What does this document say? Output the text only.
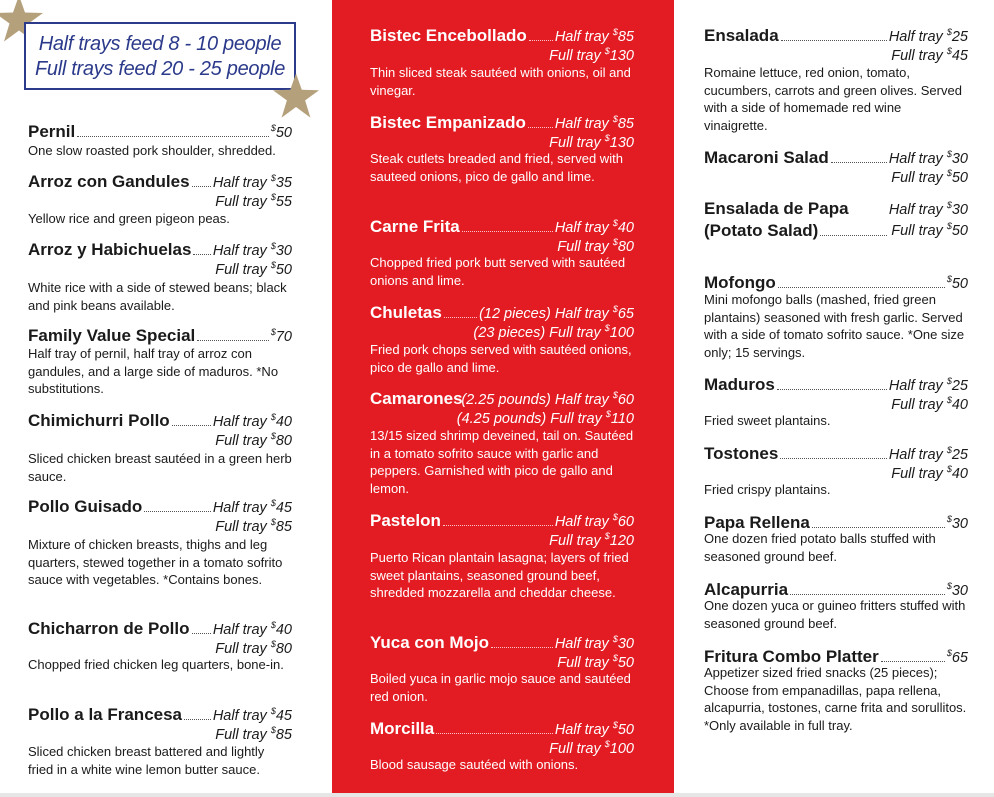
Half trays feed 8 - 10 people
Full trays feed 20 - 25 people
Pernil	$50
One slow roasted pork shoulder, shredded.
Arroz con Gandules Half tray $35
Full tray $55
Yellow rice and green pigeon peas.
Arroz y Habichuelas Half tray $30
Full tray $50
White rice with a side of stewed beans; black and pink beans available.
Family Value Special	$70
Half tray of pernil, half tray of arroz con gandules, and a large side of maduros. *No substitutions.
Chimichurri Pollo	Half tray $40
Full tray $80
Sliced chicken breast sautéed in a green herb sauce.
Pollo Guisado	Half tray $45
Full tray $85
Mixture of chicken breasts, thighs and leg quarters, stewed together in a tomato sofrito sauce with vegetables. *Contains bones.
Chicharron de Pollo Half tray $40
Full tray $80
Chopped fried chicken leg quarters, bone-in.
Pollo a la Francesa Half tray $45
Full tray $85
Sliced chicken breast battered and lightly fried in a white wine lemon butter sauce.
Bistec Encebollado Half tray $85
Full tray $130
Thin sliced steak sautéed with onions, oil and vinegar.
Bistec Empanizado Half tray $85
Full tray $130
Steak cutlets breaded and fried, served with sauteed onions, pico de gallo and lime.
Carne Frita	Half tray $40
Full tray $80
Chopped fried pork butt served with sautéed onions and lime.
Chuletas	(12 pieces) Half tray $65
(23 pieces) Full tray $100
Fried pork chops served with sautéed onions, pico de gallo and lime.
Camarones
(2.25 pounds) Half tray $60
(4.25 pounds) Full tray $110
13/15 sized shrimp deveined, tail on. Sautéed in a tomato sofrito sauce with garlic and peppers. Garnished with pico de gallo and lemon.
Pastelon	Half tray $60
Full tray $120
Puerto Rican plantain lasagna; layers of fried sweet plantains, seasoned ground beef, shredded mozzarella and cheddar cheese.
Yuca con Mojo	Half tray $30
Full tray $50
Boiled yuca in garlic mojo sauce and sautéed red onion.
Morcilla	Half tray $50
Full tray $100
Blood sausage sautéed with onions.
Ensalada	Half tray $25
Full tray $45
Romaine lettuce, red onion, tomato, cucumbers, carrots and green olives. Served with a side of homemade red wine vinaigrette.
Macaroni Salad	Half tray $30
Full tray $50
Ensalada de Papa
(Potato Salad)
Half tray $30
Full tray $50
Mofongo	$50
Mini mofongo balls (mashed, fried green plantains) seasoned with fresh garlic. Served with a side of tomato sofrito sauce. *One size only; 15 servings.
Maduros	Half tray $25
Full tray $40
Fried sweet plantains.
Tostones	Half tray $25
Full tray $40
Fried crispy plantains.
Papa Rellena	$30
One dozen fried potato balls stuffed with seasoned ground beef.
Alcapurria	$30
One dozen yuca or guineo fritters stuffed with seasoned ground beef.
Fritura Combo Platter	$65
Appetizer sized fried snacks (25 pieces); Choose from empanadillas, papa rellena, alcapurria, tostones, carne frita and sorullitos. *Only available in full tray.
